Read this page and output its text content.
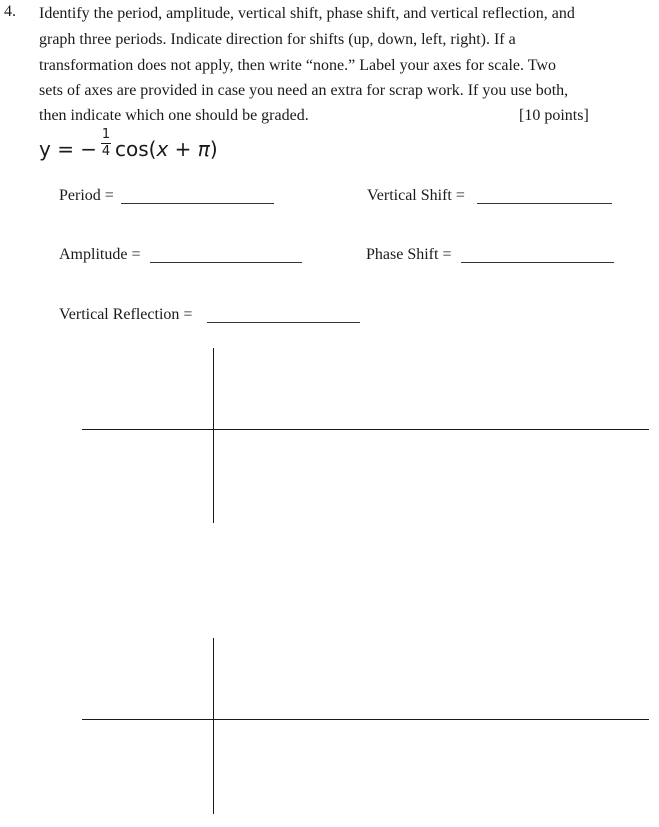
4. Identify the period, amplitude, vertical shift, phase shift, and vertical reflection, and
graph three periods. Indicate direction for shifts (up, down, left, right). If a
transformation does not apply, then write “none.” Label your axes for scale. Two
sets of axes are provided in case you need an extra for scrap work. If you use both,
then indicate which one should be graded.	[10 points]
y = −
1
4 cos(x + π)
Period =	Vertical Shift =
Amplitude =	Phase Shift =
Vertical Reflection =
